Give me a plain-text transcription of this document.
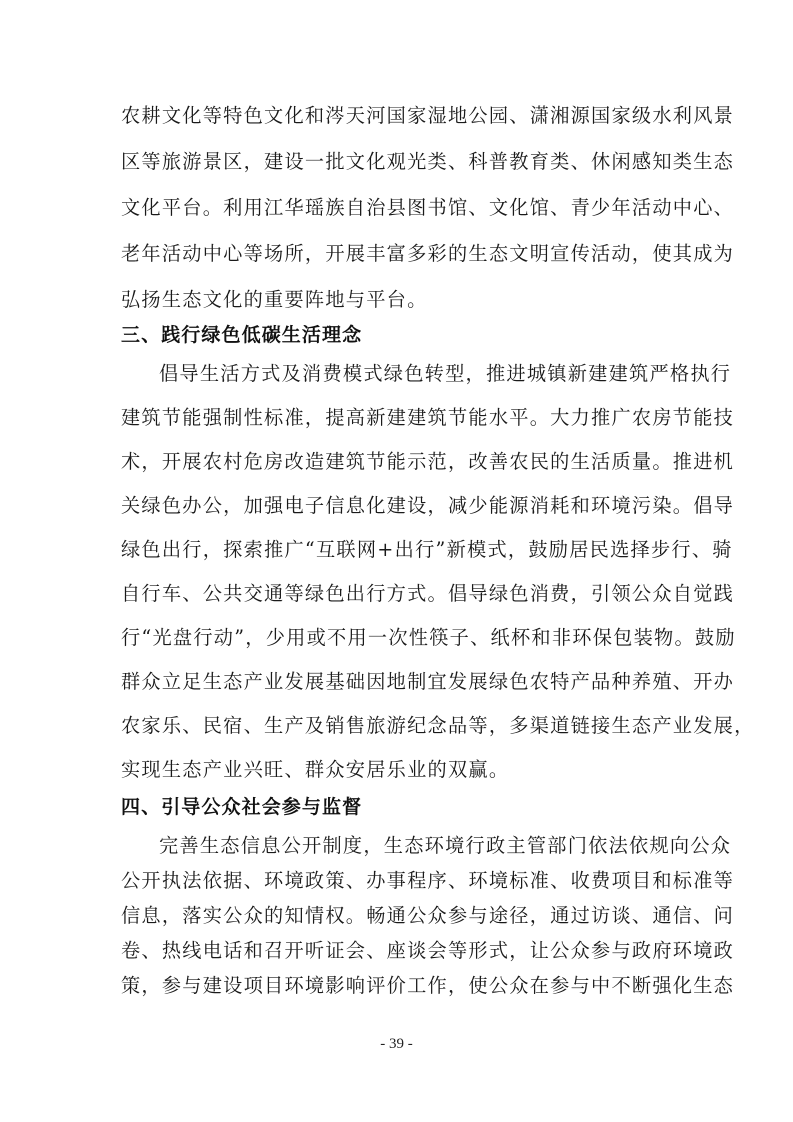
农耕文化等特色文化和涔天河国家湿地公园、潇湘源国家级水利风景
区等旅游景区，建设一批文化观光类、科普教育类、休闲感知类生态
文化平台。利用江华瑶族自治县图书馆、文化馆、青少年活动中心、
老年活动中心等场所，开展丰富多彩的生态文明宣传活动，使其成为
弘扬生态文化的重要阵地与平台。
三、践行绿色低碳生活理念
倡导生活方式及消费模式绿色转型，推进城镇新建建筑严格执行
建筑节能强制性标准，提高新建建筑节能水平。大力推广农房节能技
术，开展农村危房改造建筑节能示范，改善农民的生活质量。推进机
关绿色办公，加强电子信息化建设，减少能源消耗和环境污染。倡导
绿色出行，探索推广“互联网+出行”新模式，鼓励居民选择步行、骑
自行车、公共交通等绿色出行方式。倡导绿色消费，引领公众自觉践
行“光盘行动”，少用或不用一次性筷子、纸杯和非环保包装物。鼓励
群众立足生态产业发展基础因地制宜发展绿色农特产品种养殖、开办
农家乐、民宿、生产及销售旅游纪念品等，多渠道链接生态产业发展，
实现生态产业兴旺、群众安居乐业的双赢。
四、引导公众社会参与监督
完善生态信息公开制度，生态环境行政主管部门依法依规向公众
公开执法依据、环境政策、办事程序、环境标准、收费项目和标准等
信息，落实公众的知情权。畅通公众参与途径，通过访谈、通信、问
卷、热线电话和召开听证会、座谈会等形式，让公众参与政府环境政
策，参与建设项目环境影响评价工作，使公众在参与中不断强化生态
- 39 -
